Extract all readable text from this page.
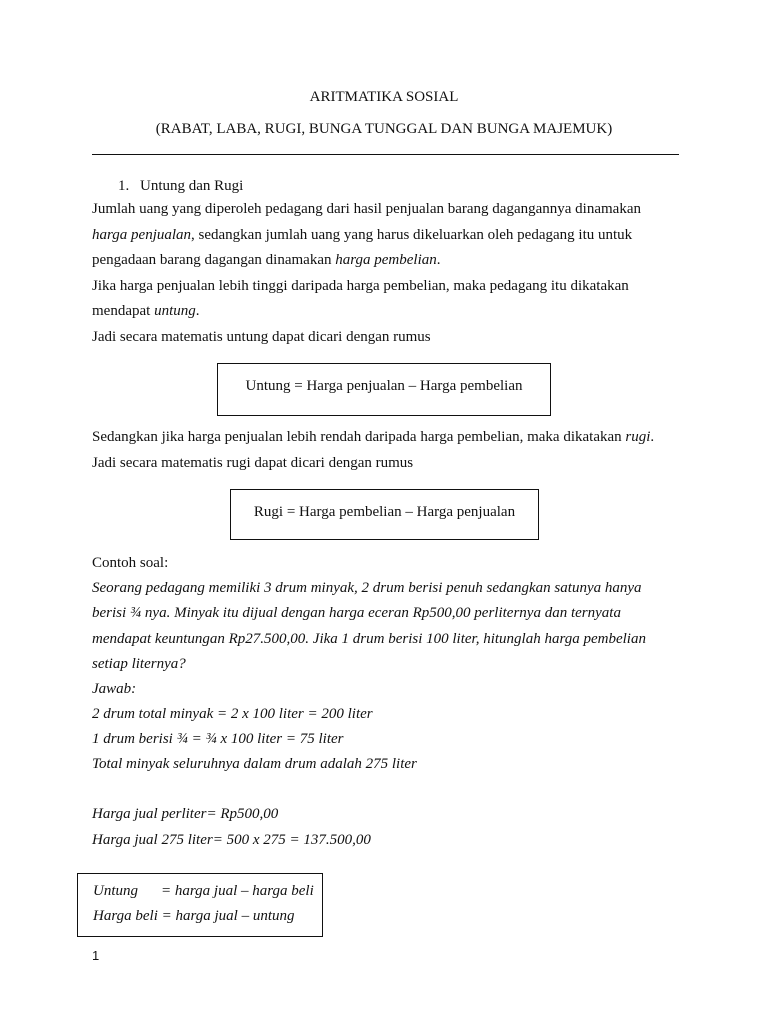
ARITMATIKA SOSIAL
(RABAT, LABA, RUGI, BUNGA TUNGGAL DAN BUNGA MAJEMUK)
1. Untung dan Rugi
Jumlah uang yang diperoleh pedagang dari hasil penjualan barang dagangannya dinamakan
harga penjualan, sedangkan jumlah uang yang harus dikeluarkan oleh pedagang itu untuk
pengadaan barang dagangan dinamakan harga pembelian.
Jika harga penjualan lebih tinggi daripada harga pembelian, maka pedagang itu dikatakan
mendapat untung.
Jadi secara matematis untung dapat dicari dengan rumus
Untung = Harga penjualan – Harga pembelian
Sedangkan jika harga penjualan lebih rendah daripada harga pembelian, maka dikatakan rugi.
Jadi secara matematis rugi dapat dicari dengan rumus
Rugi = Harga pembelian – Harga penjualan
Contoh soal:
Seorang pedagang memiliki 3 drum minyak, 2 drum berisi penuh sedangkan satunya hanya
berisi ¾ nya. Minyak itu dijual dengan harga eceran Rp500,00 perliternya dan ternyata
mendapat keuntungan Rp27.500,00. Jika 1 drum berisi 100 liter, hitunglah harga pembelian
setiap liternya?
Jawab:
2 drum total minyak = 2 x 100 liter = 200 liter
1 drum berisi ¾ = ¾ x 100 liter = 75 liter
Total minyak seluruhnya dalam drum adalah 275 liter
Harga jual perliter= Rp500,00
Harga jual 275 liter= 500 x 275 = 137.500,00
Untung = harga jual – harga beli
Harga beli = harga jual – untung
1
